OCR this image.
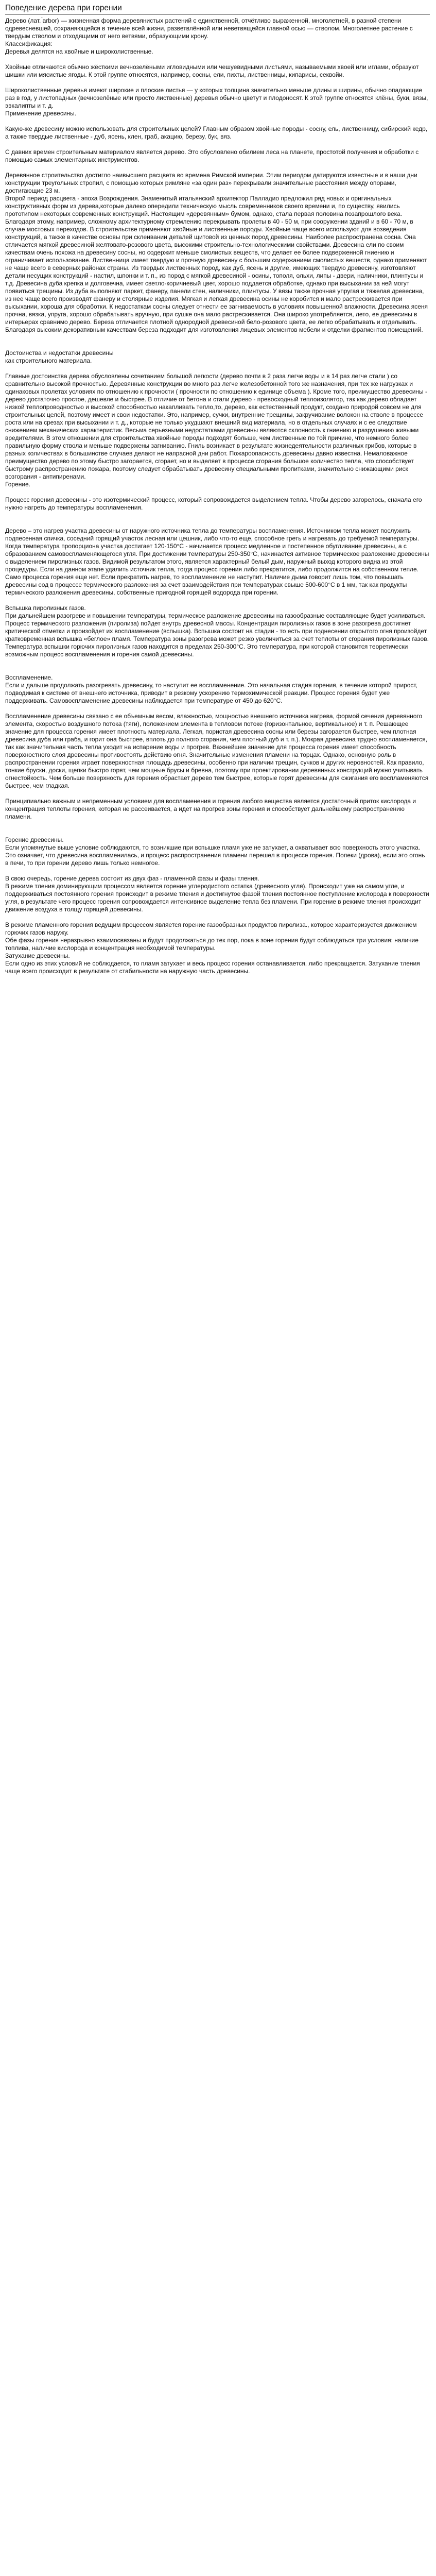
Поведение дерева при горении

Дерево (лат. ́arbor) — жизненная форма деревянистых растений с единственной, отчётливо выраженной, многолетней, в разной степени одревесневшей, сохраняющейся в течение всей жизни, разветвлённой или неветвящейся главной осью — стволом. Многолетнее растение с твердым стволом и отходящими от него ветвями, образующими крону.

Классификация:

Деревья делятся на хвойные и широколиственные.

Хвойные отличаются обычно жёсткими вечнозелёными игловидными или чешуевидными листьями, называемыми хвоей или иглами, образуют шишки или мясистые ягоды. К этой группе относятся, например, сосны, ели, пихты, лиственницы, кипарисы, секвойи.

Широколиственные деревья имеют широкие и плоские листья — у которых толщина значительно меньше длины и ширины, обычно опадающие раз в год, у листопадных (вечнозелёные или просто лиственные) деревья обычно цветут и плодоносят. К этой группе относятся клёны, буки, вязы, эвкалипты и т. д.

Применение древесины.

Какую-же древесину можно использовать для строительных целей? Главным образом хвойные породы - сосну, ель, лиственницу, сибирский кедр, а также твердые лиственные - дуб, ясень, клен, граб, акацию, березу, бук, вяз.

С давних времен строительным материалом является дерево. Это обусловлено обилием леса на планете, простотой получения и обработки с помощью самых элементарных инструментов.

Деревянное строительство достигло наивысшего расцвета во времена Римской империи. Этим периодом датируются известные и в наши дни конструкции треугольных стропил, с помощью которых римляне «за один раз» перекрывали значительные расстояния между опорами, достигающие 23 м.

Второй период расцвета - эпоха Возрождения. Знаменитый итальянский архитектор Палладио предложил ряд новых и оригинальных конструктивных форм из дерева,которые далеко опередили техническую мысль современников своего времени и, по существу, явились прототипом некоторых современных конструкций. Настоящим «деревянным» бумом, однако, стала первая половина позапрошлого века. Благодаря этому, например, сложному архитектурному стремлению перекрывать пролеты в 40 - 50 м, при сооружении зданий и в 60 - 70 м, в случае мостовых переходов. В строительстве применяют хвойные и лиственные породы. Хвойные чаще всего используют для возведения конструкций, а также в качестве основы при склеивании деталей щитовой из ценных пород древесины. Наиболее распространена сосна. Она отличается мягкой древесиной желтовато-розового цвета, высокими строительно-технологическими свойствами. Древесина ели по своим качествам очень похожа на древесину сосны, но содержит меньше смолистых веществ, что делает ее более подверженной гниению и ограничивает использование. Лиственница имеет твердую и прочную древесину с большим содержанием смолистых веществ, однако применяют не чаще всего в северных районах страны. Из твердых лиственных пород, как дуб, ясень и другие, имеющих твердую древесину, изготовляют детали несущих конструкций - настил, шпонки и т. п., из пород с мягкой древесиной - осины, тополя, ольхи, липы - двери, наличники, плинтусы и т.д. Древесина дуба крепка и долговечна, имеет светло-коричневый цвет, хорошо поддается обработке, однако при высыхании за ней могут появиться трещины. Из дуба выполняют паркет, фанеру, панели стен, наличники, плинтусы. У вязы также прочная упругая и тяжелая древесина, из нее чаще всего производят фанеру и столярные изделия. Мягкая и легкая древесина осины не коробится и мало растрескивается при высыхании, хороша для обработки. К недостаткам сосны следует отнести ее загниваемость в условиях повышенной влажности. Древесина ясеня прочна, вязка, упруга, хорошо обрабатывать вручную, при сушке она мало растрескивается. Она широко употребляется, лето, ее древесины в интерьерах сравнимо дерево. Береза отличается плотной однородной древесиной бело-розового цвета, ее легко обрабатывать и отделывать. Благодаря высоким декоративным качествам береза подходит для изготовления лицевых элементов мебели и отделки фрагментов помещений.

Достоинства и недостатки древесины

как строительного материала.

Главные достоинства дерева обусловлены сочетанием большой легкости (дерево почти в 2 раза легче воды и в 14 раз легче стали ) со сравнительно высокой прочностью. Деревянные конструкции во много раз легче железобетонной того же назначения, при тех же нагрузках и одинаковых пролетах условиях по отношению к прочности ( прочности по отношению к единице объема ). Кроме того, преимущество древесины - дерево достаточно простое, дешевле и быстрее. В отличие от бетона и стали дерево - превосходный теплоизолятор, так как дерево обладает низкой теплопроводностью и высокой способностью накапливать тепло,то, дерево, как естественный продукт, создано природой совсем не для строительных целей, поэтому имеет и свои недостатки. Это, например, сучки, внутренние трещины, закручивание волокон на стволе в процессе роста или на срезах при высыхании и т. д., которые не только ухудшают внешний вид материала, но в отдельных случаях и с ее следствие снижением механических характеристик. Весьма серьезными недостатками древесины являются склонность к гниению и разрушению живыми вредителями. В этом отношении для строительства хвойные породы подходят больше, чем лиственные по той причине, что немного более правильную форму ствола и меньше подвержены загниванию. Гниль возникает в результате жизнедеятельности различных грибов, которые в разных количествах в большинстве случаев делают не напрасной дни работ. Пожароопасность древесины давно известна. Немаловажное преимущество дерево по этому быстро загорается, сгорает, но и выделяет в процессе сгорания большое количество тепла, что способствует быстрому распространению пожара, поэтому следует обрабатывать древесину специальными пропитками, значительно снижающими риск возгорания - антипиренами.

Горение.

Процесс горения древесины - это изотермический процесс, который сопровождается выделением тепла. Чтобы дерево загорелось, сначала его нужно нагреть до температуры воспламенения.

Дерево – это нагрев участка древесины от наружного источника тепла до температуры воспламенения. Источником тепла может послужить подпесенная спичка, соседний горящий участок лесная или цешник, либо что-то еще, способное греть и нагревать до требуемой температуры. Когда температура пропорциона участка достигает 120-150°C - начинается процесс медленное и постепенное обугливание древесины, а с образованием самовоспламеняющегося угля. При достижении температуры 250-350°C, начинается активное термическое разложение древесины с выделением пиролизных газов. Видимой результатом этого, является характерный белый дым, наружный выход которого видна из этой процедуры. Если на данном этапе удалить источник тепла, тогда процесс горения либо прекратится, либо продолжится на собственном тепле. Само процесса горения еще нет. Если прекратить нагрев, то воспламенение не наступит. Наличие дыма говорит лишь том, что повышать древесины сод в процессе термического разложения за счет взаимодействия при температурах свыше 500-600°C в 1 мм, так как продукты термического разложения древесины, собственные пригодной горящей водорода при горении.

Вспышка пиролизных газов.

При дальнейшем разогреве и повышении температуры, термическое разложение древесины на газообразные составляющие будет усиливаться. Процесс термического разложения (пиролиза) пойдет внутрь древесной массы. Концентрация пиролизных газов в зоне разогрева достигнет критической отметки и произойдет их воспламенение (вспышка). Вспышка состоит на стадии - то есть при поднесении открытого огня произойдет кратковременная вспышка «беглое» пламя. Температура зоны разогрева может резко увеличиться за счет теплоты от сгорания пиролизных газов.

Температура вспышки горючих пиролизных газов находится в пределах 250-300°C. Это температура, при которой становится теоретически возможным процесс воспламенения и горения самой древесины.

Воспламенение.

Если и дальше продолжать разогревать древесину, то наступит ее воспламенение. Это начальная стадия горения, в течение которой прирост, подводимая к системе от внешнего источника, приводит в резкому ускорению термохимической реакции. Процесс горения будет уже поддерживать. Самовоспламенение древесины наблюдается при температуре от 450 до 620°C.

Воспламенение древесины связано с ее объемным весом, влажностью, мощностью внешнего источника нагрева, формой сечения деревянного элемента, скоростью воздушного потока (тяги), положением элемента в тепловом потоке (горизонтальное, вертикальное) и т. п. Решающее значение для процесса горения имеет плотность материала. Легкая, пористая древесина сосны или березы загорается быстрее, чем плотная древесина дуба или граба, и горит она быстрее, вплоть до полного сгорания, чем плотный дуб и т. п.). Мокрая древесина трудно воспламеняется, так как значительная часть тепла уходит на испарение воды и прогрев. Важнейшее значение для процесса горения имеет способность поверхностного слоя древесины противостоять действию огня. Значительные изменения пламени на торцах. Однако, основную роль в распространении горения играет поверхностная площадь древесины, особенно при наличии трещин, сучков и других неровностей. Как правило, тонкие бруски, доски, щепки быстро горят, чем мощные брусы и бревна, поэтому при проектировании деревянных конструкций нужно учитывать огнестойкость. Чем больше поверхность для горения обрастает дерево тем быстрее, которые горят древесины для сжигания его воспламеняются быстрее, чем гладкая.

Принципиально важным и непременным условием для воспламенения и горения любого вещества является достаточный приток кислорода и концентрация теплоты горения, которая не рассеивается, а идет на прогрев зоны горения и способствует дальнейшему распространению пламени.

Горение древесины.

Если упомянутые выше условие соблюдаются, то возникшие при вспышке пламя уже не затухает, а охватывает всю поверхность этого участка. Это означает, что древесина воспламенилась, и процесс распространения пламени перешел в процессе горения. Попеки (дрова), если это огонь в печи, то при горении дерево лишь только немногое.

В свою очередь, горение дерева состоит из двух фаз - пламенной фазы и фазы тления.

В режиме тления доминирующим процессом является горение углеродистого остатка (древесного угля). Происходит уже на самом угле, и поддерживаться постоянного горения происходит в режиме тления и достигнутое фазой тления постоянное поступление кислорода к поверхности угля, в результате чего процесс горения сопровождается интенсивное выделение тепла без пламени. При горение в режиме тления происходит движение воздуха в толщу горящей древесины.

В режиме пламенного горения ведущим процессом является горение газообразных продуктов пиролиза., которое характеризуется движением горючих газов наружу.

Обе фазы горения неразрывно взаимосвязаны и будут продолжаться до тех пор, пока в зоне горения будут соблюдаться три условия: наличие топлива, наличие кислорода и концентрация необходимой температуры.

Затухание древесины.

Если одно из этих условий не соблюдается, то пламя затухает и весь процесс горения останавливается, либо прекращается. Затухание тления чаще всего происходит в результате от стабильности на наружную часть древесины.
